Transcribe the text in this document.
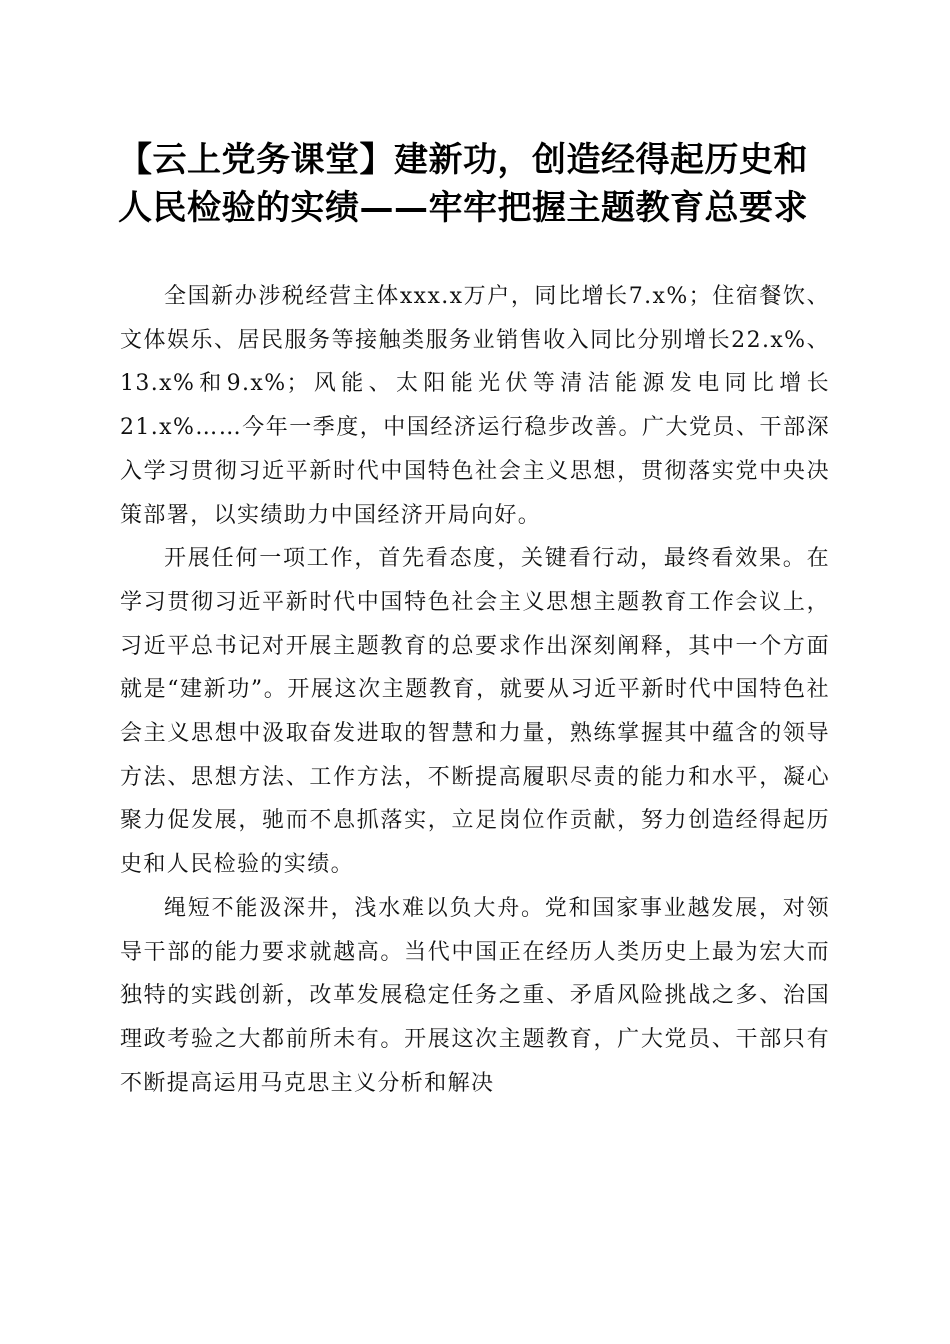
【云上党务课堂】建新功，创造经得起历史和人民检验的实绩——牢牢把握主题教育总要求

全国新办涉税经营主体xxx.x万户，同比增长7.x%；住宿餐饮、文体娱乐、居民服务等接触类服务业销售收入同比分别增长22.x%、13.x%和9.x%；风能、太阳能光伏等清洁能源发电同比增长21.x%……今年一季度，中国经济运行稳步改善。广大党员、干部深入学习贯彻习近平新时代中国特色社会主义思想，贯彻落实党中央决策部署，以实绩助力中国经济开局向好。

开展任何一项工作，首先看态度，关键看行动，最终看效果。在学习贯彻习近平新时代中国特色社会主义思想主题教育工作会议上，习近平总书记对开展主题教育的总要求作出深刻阐释，其中一个方面就是“建新功”。开展这次主题教育，就要从习近平新时代中国特色社会主义思想中汲取奋发进取的智慧和力量，熟练掌握其中蕴含的领导方法、思想方法、工作方法，不断提高履职尽责的能力和水平，凝心聚力促发展，驰而不息抓落实，立足岗位作贡献，努力创造经得起历史和人民检验的实绩。

绳短不能汲深井，浅水难以负大舟。党和国家事业越发展，对领导干部的能力要求就越高。当代中国正在经历人类历史上最为宏大而独特的实践创新，改革发展稳定任务之重、矛盾风险挑战之多、治国理政考验之大都前所未有。开展这次主题教育，广大党员、干部只有不断提高运用马克思主义分析和解决
